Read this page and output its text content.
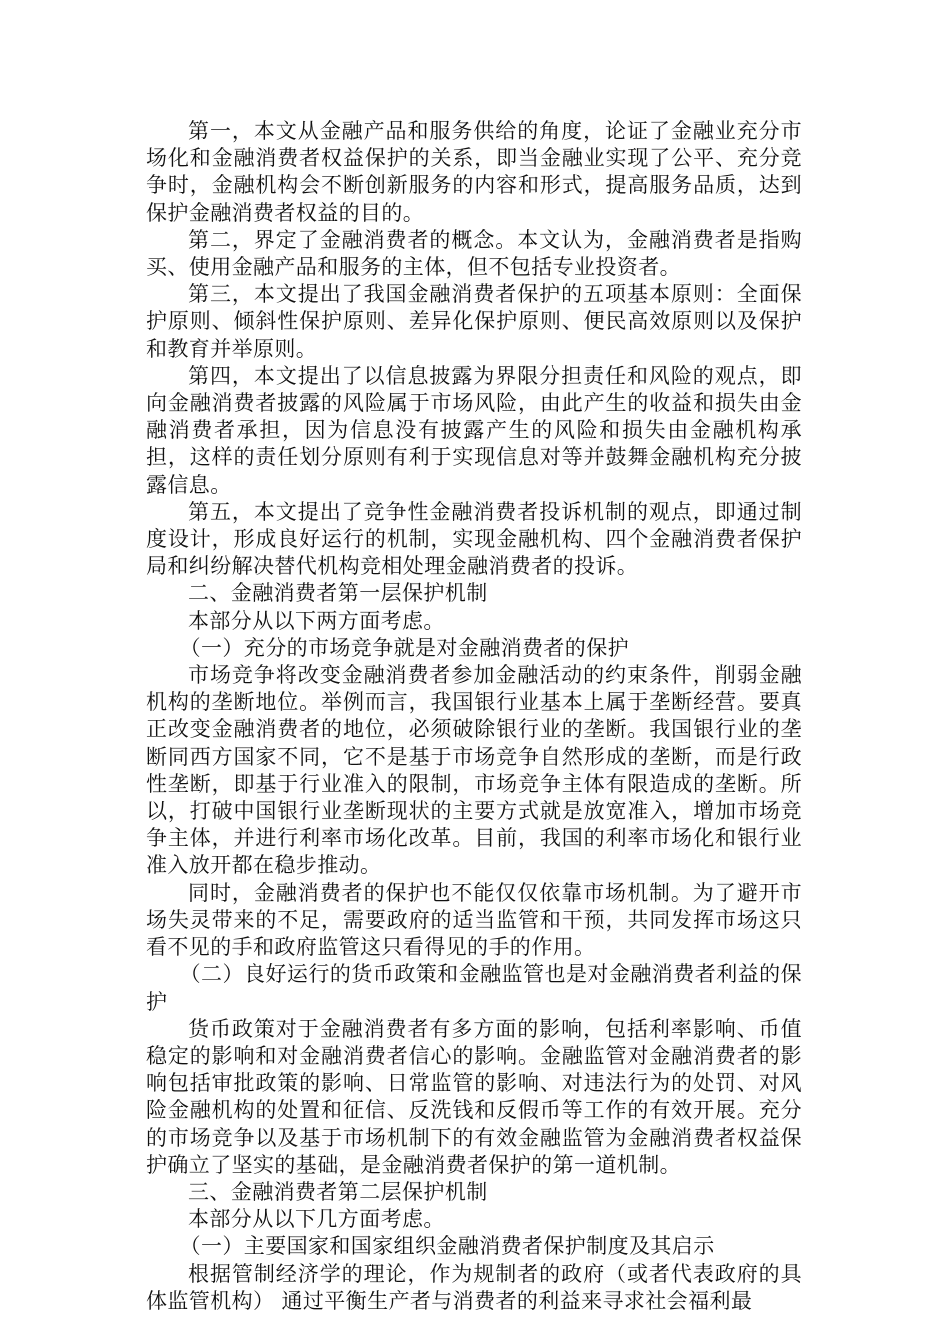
第一，本文从金融产品和服务供给的角度，论证了金融业充分市场化和金融消费者权益保护的关系，即当金融业实现了公平、充分竞争时，金融机构会不断创新服务的内容和形式，提高服务品质，达到保护金融消费者权益的目的。

第二，界定了金融消费者的概念。本文认为，金融消费者是指购买、使用金融产品和服务的主体，但不包括专业投资者。

第三，本文提出了我国金融消费者保护的五项基本原则：全面保护原则、倾斜性保护原则、差异化保护原则、便民高效原则以及保护和教育并举原则。

第四，本文提出了以信息披露为界限分担责任和风险的观点，即向金融消费者披露的风险属于市场风险，由此产生的收益和损失由金融消费者承担，因为信息没有披露产生的风险和损失由金融机构承担，这样的责任划分原则有利于实现信息对等并鼓舞金融机构充分披露信息。

第五，本文提出了竞争性金融消费者投诉机制的观点，即通过制度设计，形成良好运行的机制，实现金融机构、四个金融消费者保护局和纠纷解决替代机构竞相处理金融消费者的投诉。

二、金融消费者第一层保护机制

本部分从以下两方面考虑。

（一）充分的市场竞争就是对金融消费者的保护

市场竞争将改变金融消费者参加金融活动的约束条件，削弱金融机构的垄断地位。举例而言，我国银行业基本上属于垄断经营。要真正改变金融消费者的地位，必须破除银行业的垄断。我国银行业的垄断同西方国家不同，它不是基于市场竞争自然形成的垄断，而是行政性垄断，即基于行业准入的限制，市场竞争主体有限造成的垄断。所以，打破中国银行业垄断现状的主要方式就是放宽准入，增加市场竞争主体，并进行利率市场化改革。目前，我国的利率市场化和银行业准入放开都在稳步推动。

同时，金融消费者的保护也不能仅仅依靠市场机制。为了避开市场失灵带来的不足，需要政府的适当监管和干预，共同发挥市场这只看不见的手和政府监管这只看得见的手的作用。

（二）良好运行的货币政策和金融监管也是对金融消费者利益的保护

货币政策对于金融消费者有多方面的影响，包括利率影响、币值稳定的影响和对金融消费者信心的影响。金融监管对金融消费者的影响包括审批政策的影响、日常监管的影响、对违法行为的处罚、对风险金融机构的处置和征信、反洗钱和反假币等工作的有效开展。充分的市场竞争以及基于市场机制下的有效金融监管为金融消费者权益保护确立了坚实的基础，是金融消费者保护的第一道机制。

三、金融消费者第二层保护机制

本部分从以下几方面考虑。

（一）主要国家和国家组织金融消费者保护制度及其启示

根据管制经济学的理论，作为规制者的政府（或者代表政府的具体监管机构） 通过平衡生产者与消费者的利益来寻求社会福利最
